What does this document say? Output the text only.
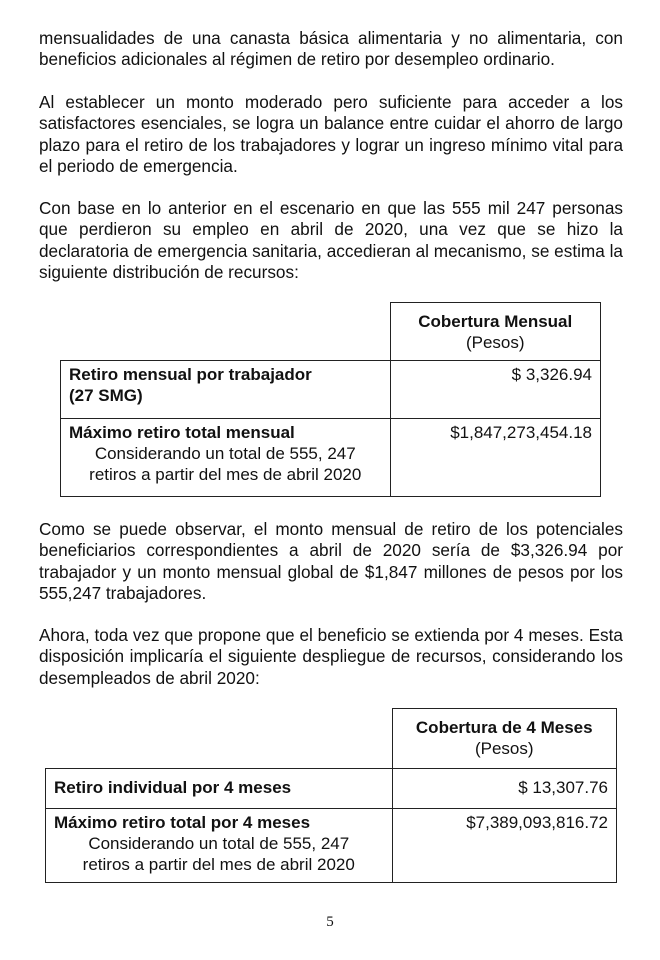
mensualidades de una canasta básica alimentaria y no alimentaria, con beneficios adicionales al régimen de retiro por desempleo ordinario.

Al establecer un monto moderado pero suficiente para acceder a los satisfactores esenciales, se logra un balance entre cuidar el ahorro de largo plazo para el retiro de los trabajadores y lograr un ingreso mínimo vital para el periodo de emergencia.

Con base en lo anterior en el escenario en que las 555 mil 247 personas que perdieron su empleo en abril de 2020, una vez que se hizo la declaratoria de emergencia sanitaria, accedieran al mecanismo, se estima la siguiente distribución de recursos:

	Cobertura Mensual
(Pesos)
Retiro mensual por trabajador
(27 SMG)	$ 3,326.94
Máximo retiro total mensual
Considerando un total de 555, 247
retiros a partir del mes de abril 2020	$1,847,273,454.18

Como se puede observar, el monto mensual de retiro de los potenciales beneficiarios correspondientes a abril de 2020 sería de $3,326.94 por trabajador y un monto mensual global de $1,847 millones de pesos por los 555,247 trabajadores.

Ahora, toda vez que propone que el beneficio se extienda por 4 meses. Esta disposición implicaría el siguiente despliegue de recursos, considerando los desempleados de abril 2020:

	Cobertura de 4 Meses
(Pesos)
Retiro individual por 4 meses	$ 13,307.76
Máximo retiro total por 4 meses
Considerando un total de 555, 247
retiros a partir del mes de abril 2020	$7,389,093,816.72
5
